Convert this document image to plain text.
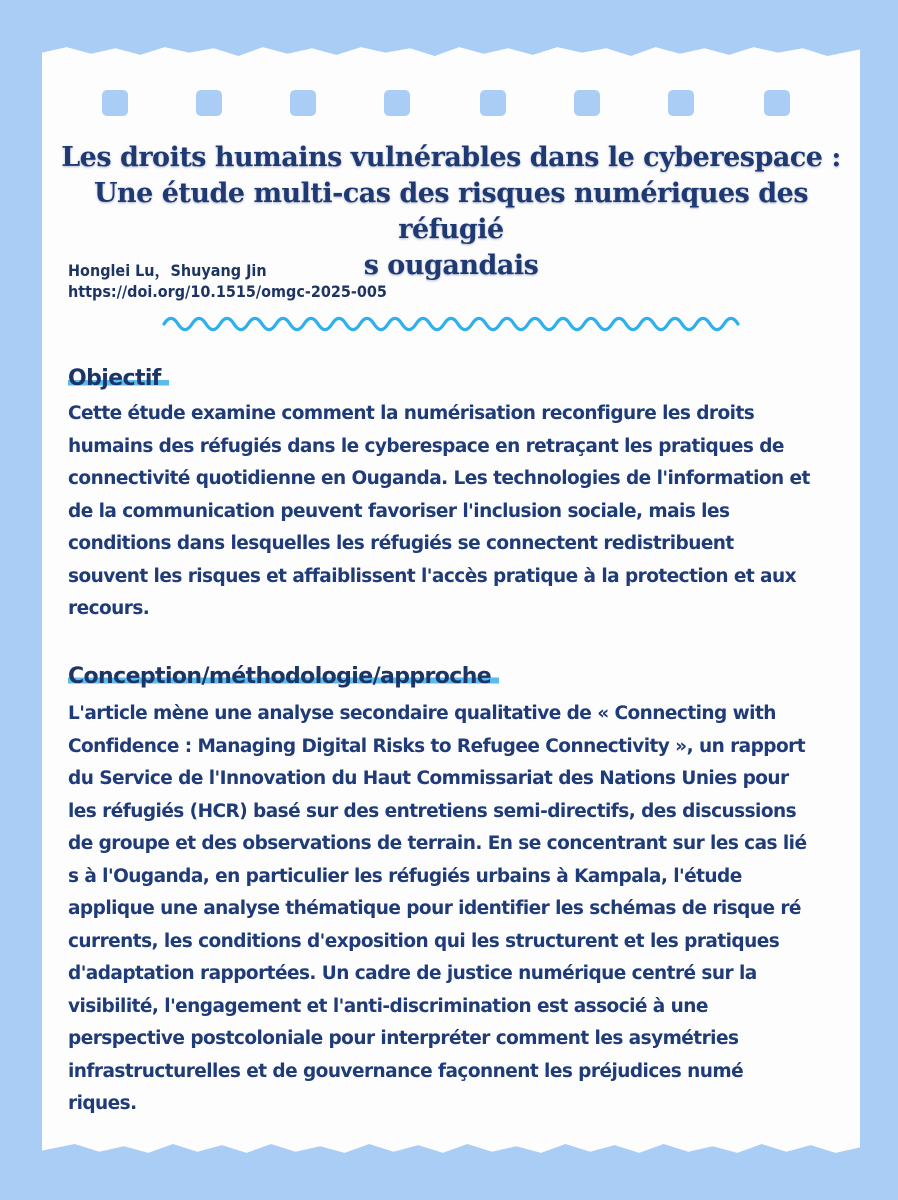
Les droits humains vulnérables dans le cyberespace :
Une étude multi-cas des risques numériques des réfugié
s ougandais
Honglei Lu，Shuyang Jin
https://doi.org/10.1515/omgc-2025-005
Objectif

Cette étude examine comment la numérisation reconfigure les droits
humains des réfugiés dans le cyberespace en retraçant les pratiques de
connectivité quotidienne en Ouganda. Les technologies de l'information et
de la communication peuvent favoriser l'inclusion sociale, mais les
conditions dans lesquelles les réfugiés se connectent redistribuent
souvent les risques et affaiblissent l'accès pratique à la protection et aux
recours.

Conception/méthodologie/approche

L'article mène une analyse secondaire qualitative de « Connecting with
Confidence : Managing Digital Risks to Refugee Connectivity », un rapport
du Service de l'Innovation du Haut Commissariat des Nations Unies pour
les réfugiés (HCR) basé sur des entretiens semi-directifs, des discussions
de groupe et des observations de terrain. En se concentrant sur les cas lié
s à l'Ouganda, en particulier les réfugiés urbains à Kampala, l'étude
applique une analyse thématique pour identifier les schémas de risque ré
currents, les conditions d'exposition qui les structurent et les pratiques
d'adaptation rapportées. Un cadre de justice numérique centré sur la
visibilité, l'engagement et l'anti-discrimination est associé à une
perspective postcoloniale pour interpréter comment les asymétries
infrastructurelles et de gouvernance façonnent les préjudices numé
riques.
